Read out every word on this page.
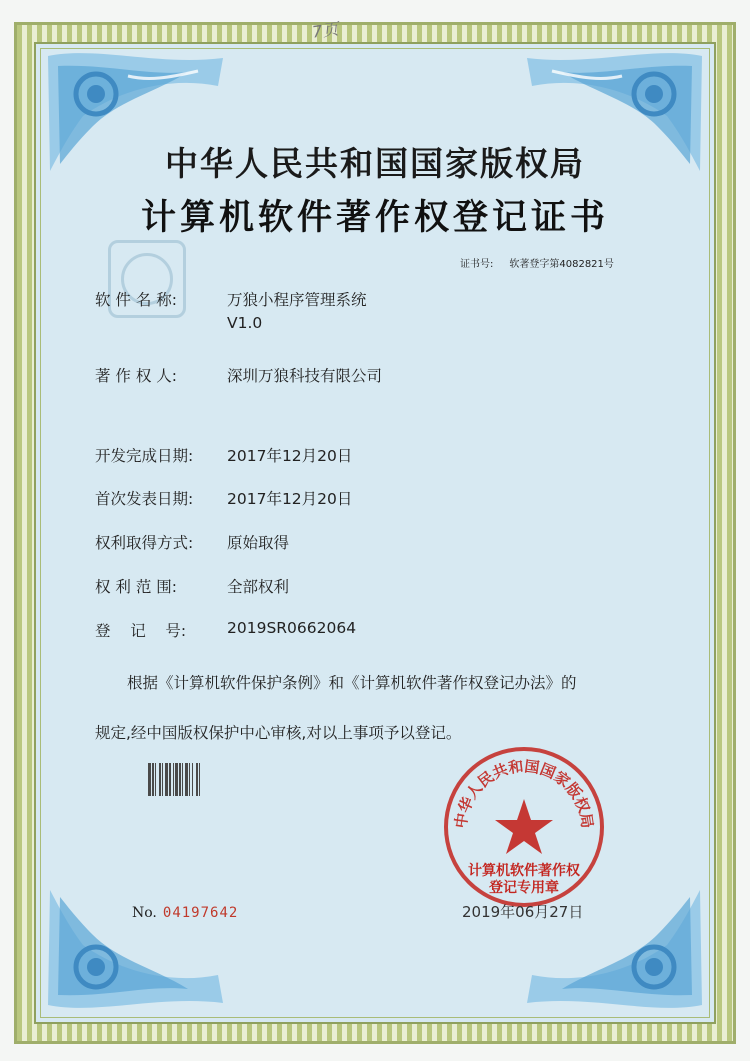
7页
中华人民共和国国家版权局
计算机软件著作权登记证书
证书号: 软著登字第4082821号
软 件 名 称:	万狼小程序管理系统
V1.0
著 作 权 人:	深圳万狼科技有限公司
开发完成日期: 2017年12月20日
首次发表日期: 2017年12月20日
权利取得方式: 原始取得
权 利 范 围:	全部权利
登    记    号:	2019SR0662064
根据《计算机软件保护条例》和《计算机软件著作权登记办法》的
规定,经中国版权保护中心审核,对以上事项予以登记。
中华人民共和国国家版权局
计算机软件著作权
登记专用章
No. 04197642	2019年06月27日
